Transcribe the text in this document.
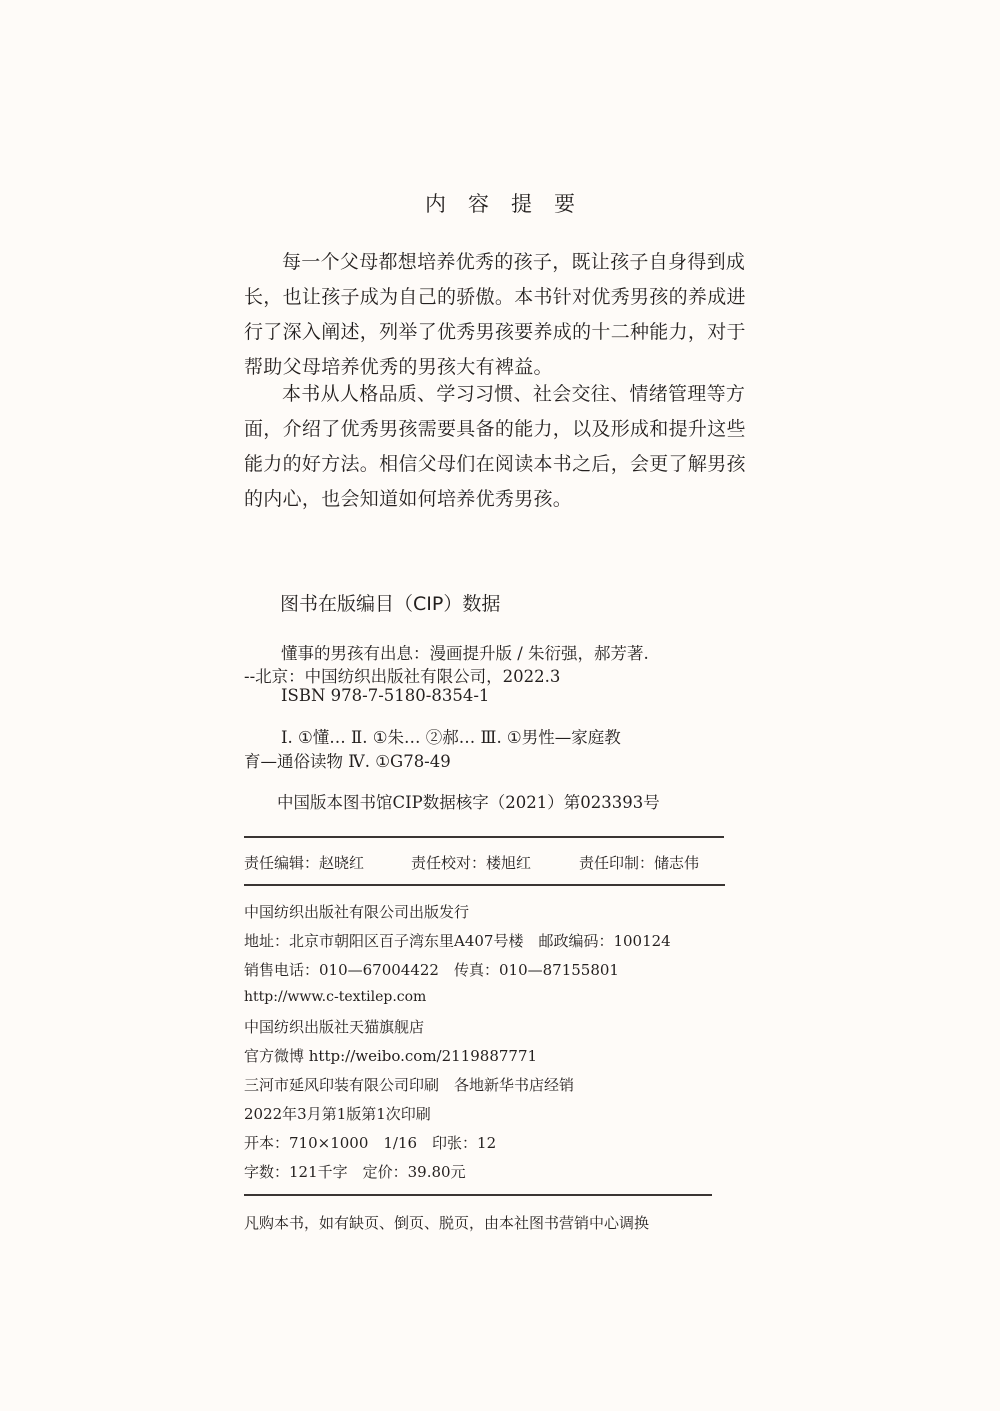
内容提要
每一个父母都想培养优秀的孩子，既让孩子自身得到成
长，也让孩子成为自己的骄傲。本书针对优秀男孩的养成进
行了深入阐述，列举了优秀男孩要养成的十二种能力，对于
帮助父母培养优秀的男孩大有裨益。
本书从人格品质、学习习惯、社会交往、情绪管理等方
面，介绍了优秀男孩需要具备的能力，以及形成和提升这些
能力的好方法。相信父母们在阅读本书之后，会更了解男孩
的内心，也会知道如何培养优秀男孩。
图书在版编目（CIP）数据
懂事的男孩有出息：漫画提升版 / 朱衍强，郝芳著.
--北京：中国纺织出版社有限公司，2022.3
ISBN 978-7-5180-8354-1
Ⅰ. ①懂… Ⅱ. ①朱… ②郝… Ⅲ. ①男性—家庭教
育—通俗读物 Ⅳ. ①G78-49
中国版本图书馆CIP数据核字（2021）第023393号
责任编辑：赵晓红	责任校对：楼旭红	责任印制：储志伟
中国纺织出版社有限公司出版发行
地址：北京市朝阳区百子湾东里A407号楼　邮政编码：100124
销售电话：010—67004422　传真：010—87155801
http://www.c-textilep.com
中国纺织出版社天猫旗舰店
官方微博 http://weibo.com/2119887771
三河市延风印装有限公司印刷　各地新华书店经销
2022年3月第1版第1次印刷
开本：710×1000　1/16　印张：12
字数：121千字　定价：39.80元
凡购本书，如有缺页、倒页、脱页，由本社图书营销中心调换
